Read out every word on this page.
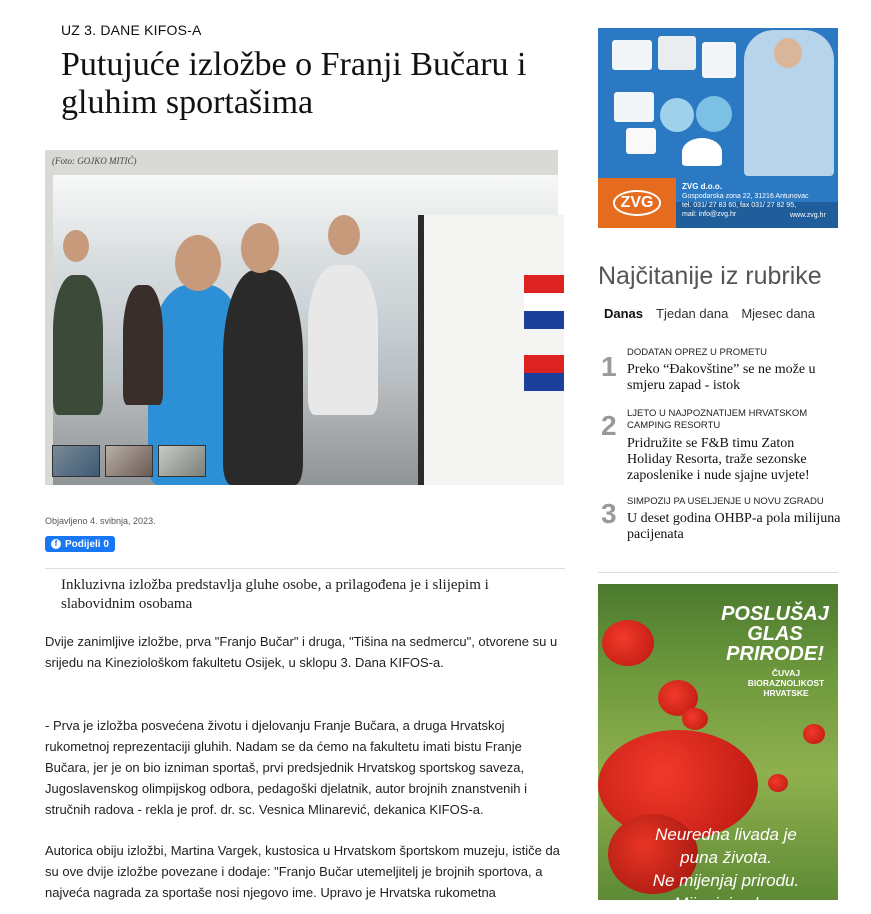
UZ 3. DANE KIFOS-A
Putujuće izložbe o Franji Bučaru i gluhim sportašima
(Foto: GOJKO MITIĆ)
Objavljeno 4. svibnja, 2023.
f Podijeli 0
Inkluzivna izložba predstavlja gluhe osobe, a prilagođena je i slijepim i slabovidnim osobama
Dvije zanimljive izložbe, prva "Franjo Bučar" i druga, "Tišina na sedmercu", otvorene su u srijedu na Kineziološkom fakultetu Osijek, u sklopu 3. Dana KIFOS-a.
- Prva je izložba posvećena životu i djelovanju Franje Bučara, a druga Hrvatskoj rukometnoj reprezentaciji gluhih. Nadam se da ćemo na fakultetu imati bistu Franje Bučara, jer je on bio izniman sportaš, prvi predsjednik Hrvatskog sportskog saveza, Jugoslavenskog olimpijskog odbora, pedagoški djelatnik, autor brojnih znanstvenih i stručnih radova - rekla je prof. dr. sc. Vesnica Mlinarević, dekanica KIFOS-a.
Autorica obiju izložbi, Martina Vargek, kustosica u Hrvatskom športskom muzeju, ističe da su ove dvije izložbe povezane i dodaje: "Franjo Bučar utemeljitelj je brojnih sportova, a najveća nagrada za sportaše nosi njegovo ime. Upravo je Hrvatska rukometna
ZVG
ZVG d.o.o.
Gospodarska zona 22, 31216 Antunovac
tel. 031/ 27 83 60, fax 031/ 27 82 95,
mail: info@zvg.hr	www.zvg.hr
Najčitanije iz rubrike
Danas Tjedan dana Mjesec dana
1 DODATAN OPREZ U PROMETU
Preko “Đakovštine” se ne može u smjeru zapad - istok
2 LJETO U NAJPOZNATIJEM HRVATSKOM CAMPING RESORTU
Pridružite se F&B timu Zaton Holiday Resorta, traže sezonske zaposlenike i nude sjajne uvjete!
3 SIMPOZIJ PA USELJENJE U NOVU ZGRADU
U deset godina OHBP-a pola milijuna pacijenata
POSLUŠAJ GLAS PRIRODE!
ČUVAJ BIORAZNOLIKOST HRVATSKE
Neuredna livada je
puna života.
Ne mijenjaj prirodu.
Mijenjaj sebe.
